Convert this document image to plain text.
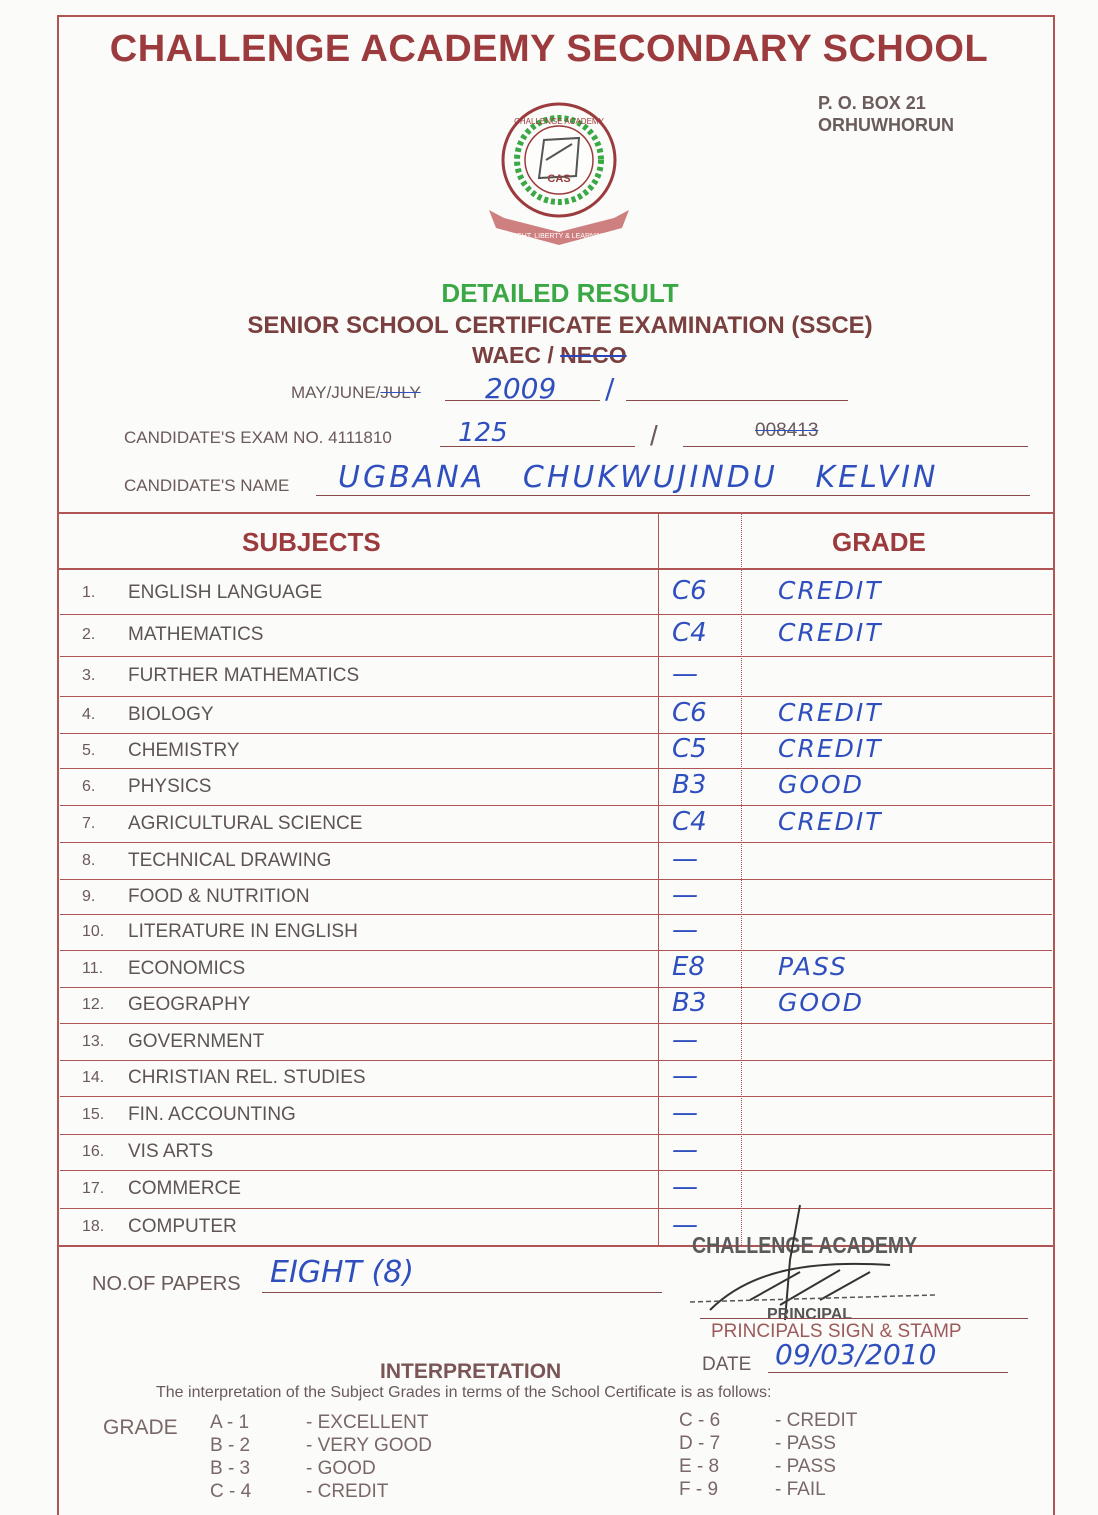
CHALLENGE ACADEMY SECONDARY SCHOOL
P. O. BOX 21
ORHUWHORUN
CAS
LIGHT, LIBERTY & LEARNING
CHALLENGE ACADEMY
DETAILED RESULT
SENIOR SCHOOL CERTIFICATE EXAMINATION (SSCE)
WAEC / NECO
MAY/JUNE/JULY 2009 /
CANDIDATE'S EXAM NO. 4111810	125	/	008413
CANDIDATE'S NAME UGBANA   CHUKWUJINDU   KELVIN
SUBJECTS	GRADE
1. ENGLISH LANGUAGE	C6	CREDIT
2. MATHEMATICS	C4	CREDIT
3. FURTHER MATHEMATICS	—
4. BIOLOGY	C6	CREDIT
5. CHEMISTRY	C5	CREDIT
6. PHYSICS	B3	GOOD
7. AGRICULTURAL SCIENCE	C4	CREDIT
8. TECHNICAL DRAWING	—
9. FOOD & NUTRITION	—
10. LITERATURE IN ENGLISH	—
11. ECONOMICS	E8	PASS
12. GEOGRAPHY	B3	GOOD
13. GOVERNMENT	—
14. CHRISTIAN REL. STUDIES	—
15. FIN. ACCOUNTING	—
16. VIS ARTS	—
17. COMMERCE	—
18. COMPUTER	—
NO.OF PAPERS EIGHT (8)
CHALLENGE ACADEMY
PRINCIPAL
PRINCIPALS SIGN & STAMP
DATE 09/03/2010
INTERPRETATION
The interpretation of the Subject Grades in terms of the School Certificate is as follows:
GRADE A - 1	- EXCELLENT
B - 2	- VERY GOOD
B - 3	- GOOD
C - 4	- CREDIT
C - 6	- CREDIT
D - 7	- PASS
E - 8	- PASS
F - 9	- FAIL
